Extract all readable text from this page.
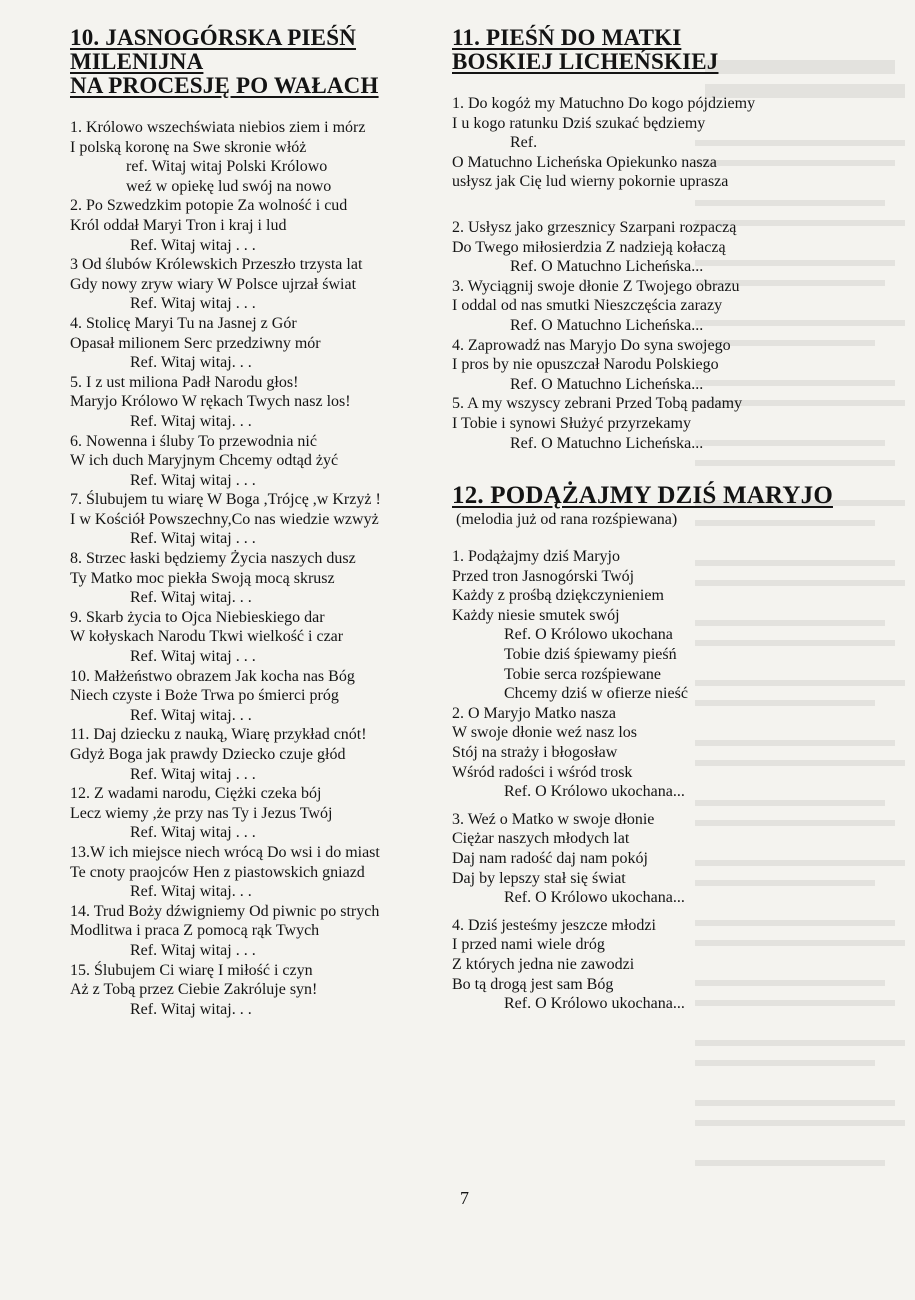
10. JASNOGÓRSKA PIEŚŃ
MILENIJNA
NA PROCESJĘ PO WAŁACH
1. Królowo wszechświata niebios ziem i mórz
I polską koronę na Swe skronie włóż
ref. Witaj witaj Polski Królowo
weź w opiekę lud swój na nowo
2. Po Szwedzkim potopie Za wolność i cud
Król oddał Maryi Tron i kraj i lud
Ref. Witaj witaj . . .
3 Od ślubów Królewskich Przeszło trzysta lat
Gdy nowy zryw wiary W Polsce ujrzał świat
Ref. Witaj witaj . . .
4. Stolicę Maryi Tu na Jasnej z Gór
Opasał milionem Serc przedziwny mór
Ref. Witaj witaj. . .
5. I z ust miliona Padł Narodu głos!
Maryjo Królowo W rękach Twych nasz los!
Ref. Witaj witaj. . .
6. Nowenna i śluby To przewodnia nić
W ich duch Maryjnym Chcemy odtąd żyć
Ref. Witaj witaj . . .
7. Ślubujem tu wiarę W Boga ,Trójcę ,w Krzyż !
I w Kościół Powszechny,Co nas wiedzie wzwyż
Ref. Witaj witaj . . .
8. Strzec łaski będziemy Życia naszych dusz
Ty Matko moc piekła Swoją mocą skrusz
Ref. Witaj witaj. . .
9. Skarb życia to Ojca Niebieskiego dar
W kołyskach Narodu Tkwi wielkość i czar
Ref. Witaj witaj . . .
10. Małżeństwo obrazem Jak kocha nas Bóg
Niech czyste i Boże Trwa po śmierci próg
Ref. Witaj witaj. . .
11. Daj dziecku z nauką, Wiarę przykład cnót!
Gdyż Boga jak prawdy Dziecko czuje głód
Ref. Witaj witaj . . .
12. Z wadami narodu, Ciężki czeka bój
Lecz wiemy ,że przy nas Ty i Jezus Twój
Ref. Witaj witaj . . .
13.W ich miejsce niech wrócą Do wsi i do miast
Te cnoty praojców Hen z piastowskich gniazd
Ref. Witaj witaj. . .
14. Trud Boży dźwigniemy Od piwnic po strych
Modlitwa i praca Z pomocą rąk Twych
Ref. Witaj witaj . . .
15. Ślubujem Ci wiarę I miłość i czyn
Aż z Tobą przez Ciebie Zakróluje syn!
Ref. Witaj witaj. . .
11. PIEŚŃ DO MATKI
BOSKIEJ LICHEŃSKIEJ
1. Do kogóż my Matuchno Do kogo pójdziemy
I u kogo ratunku Dziś szukać będziemy
Ref.
O Matuchno Licheńska Opiekunko nasza
usłysz jak Cię lud wierny pokornie uprasza
2. Usłysz jako grzesznicy Szarpani rozpaczą
Do Twego miłosierdzia Z nadzieją kołaczą
Ref. O Matuchno Licheńska...
3. Wyciągnij swoje dłonie Z Twojego obrazu
I oddal od nas smutki Nieszczęścia zarazy
Ref. O Matuchno Licheńska...
4. Zaprowadź nas Maryjo Do syna swojego
I pros by nie opuszczał Narodu Polskiego
Ref. O Matuchno Licheńska...
5. A my wszyscy zebrani Przed Tobą padamy
I Tobie i synowi Służyć przyrzekamy
Ref. O Matuchno Licheńska...
12. PODĄŻAJMY DZIŚ MARYJO
(melodia już od rana rozśpiewana)
1. Podążajmy dziś Maryjo
Przed tron Jasnogórski Twój
Każdy z prośbą dziękczynieniem
Każdy niesie smutek swój
Ref. O Królowo ukochana
Tobie dziś śpiewamy pieśń
Tobie serca rozśpiewane
Chcemy dziś w ofierze nieść
2. O Maryjo Matko nasza
W swoje dłonie weź nasz los
Stój na straży i błogosław
Wśród radości i wśród trosk
Ref. O Królowo ukochana...
3. Weź o Matko w swoje dłonie
Ciężar naszych młodych lat
Daj nam radość daj nam pokój
Daj by lepszy stał się świat
Ref. O Królowo ukochana...
4. Dziś jesteśmy jeszcze młodzi
I przed nami wiele dróg
Z których jedna nie zawodzi
Bo tą drogą jest sam Bóg
Ref. O Królowo ukochana...
7
